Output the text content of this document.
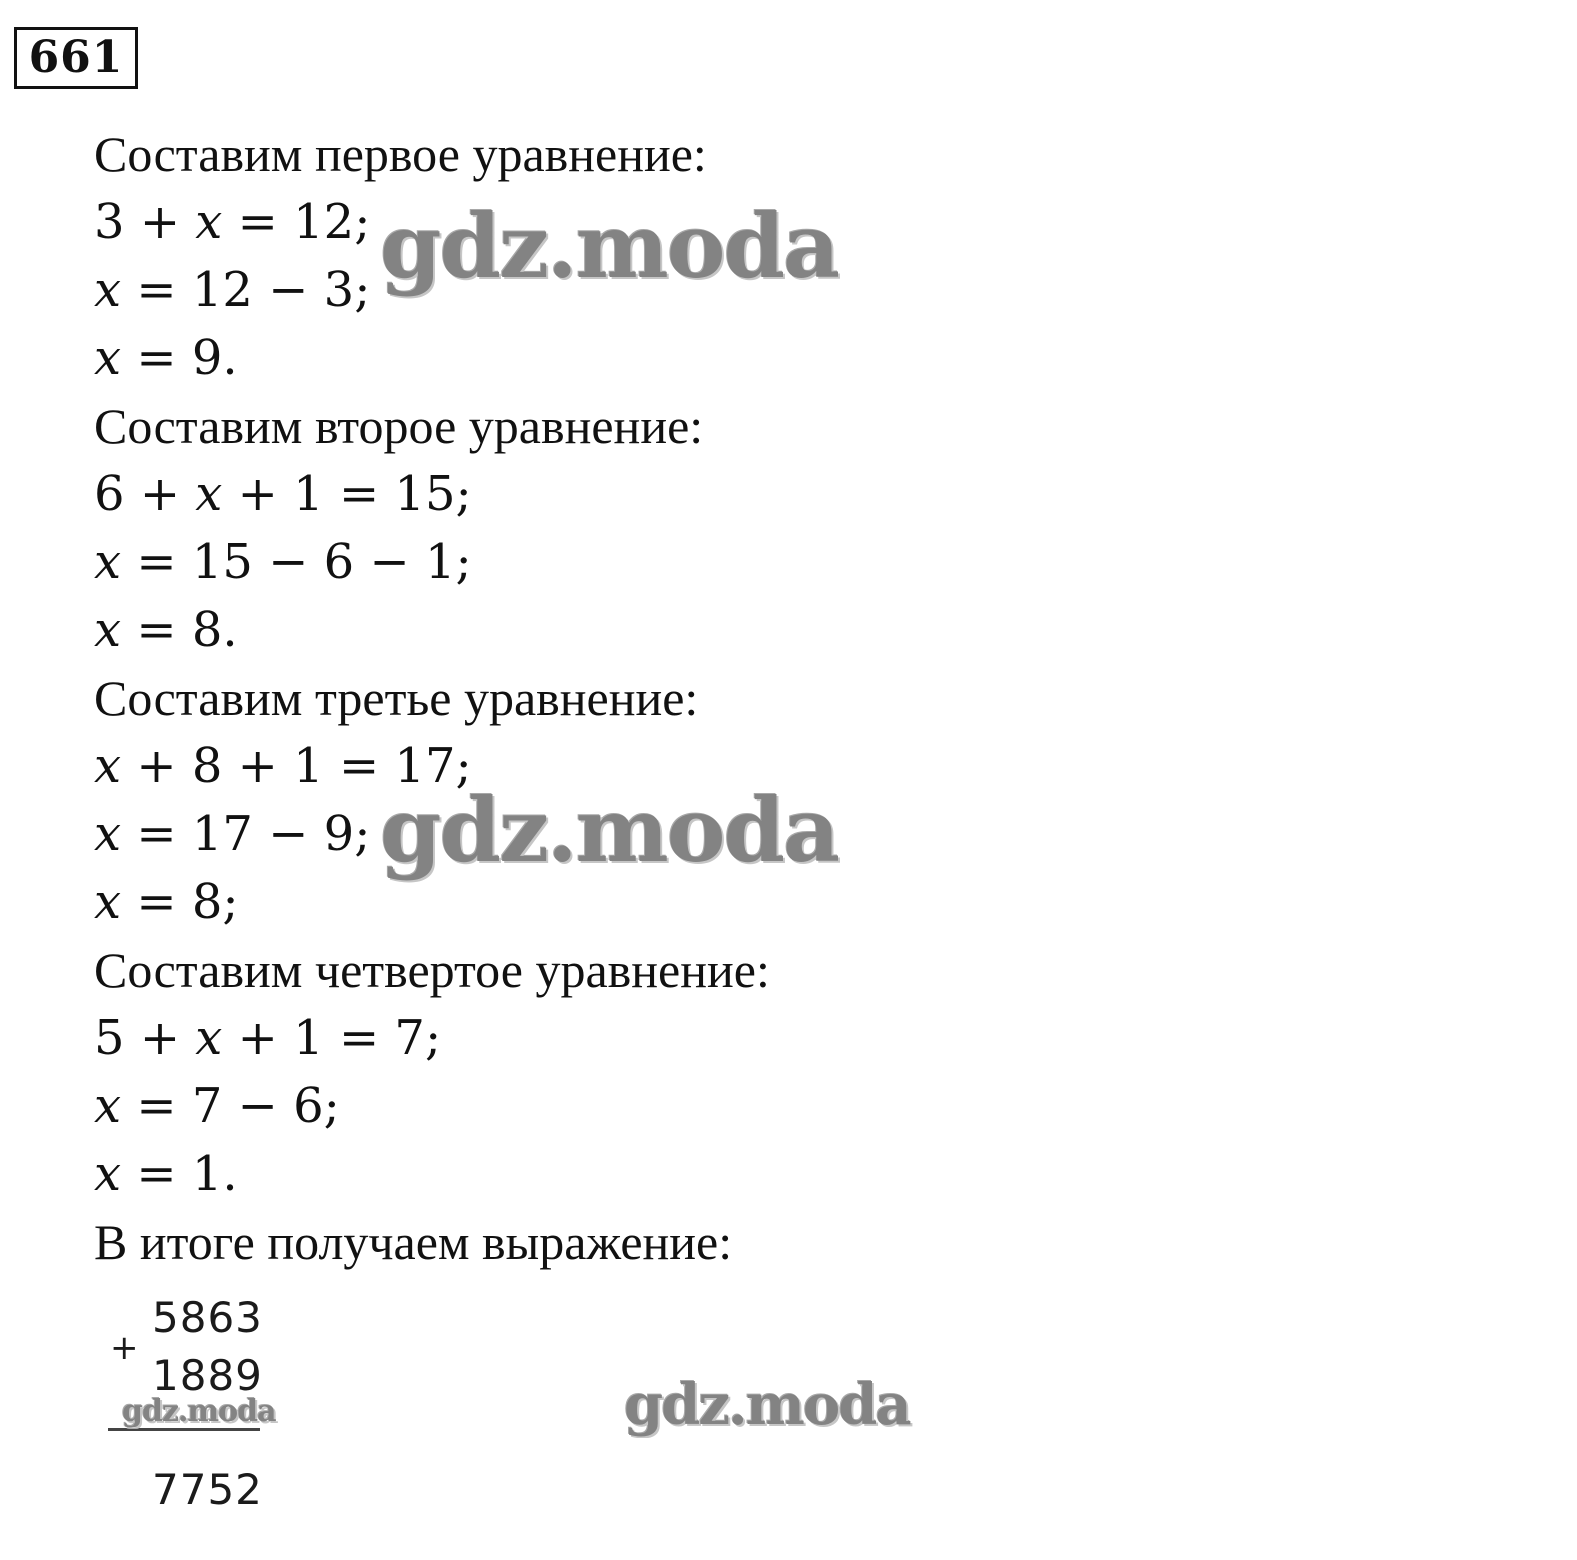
661
Составим первое уравнение:
3 + x = 12;
x = 12 − 3;
x = 9.
Составим второе уравнение:
6 + x + 1 = 15;
x = 15 − 6 − 1;
x = 8.
Составим третье уравнение:
x + 8 + 1 = 17;
x = 17 − 9;
x = 8;
Составим четвертое уравнение:
5 + x + 1 = 7;
x = 7 − 6;
x = 1.
В итоге получаем выражение:
+
5863
1889
7752
gdz.moda
gdz.moda
gdz.moda
gdz.moda
